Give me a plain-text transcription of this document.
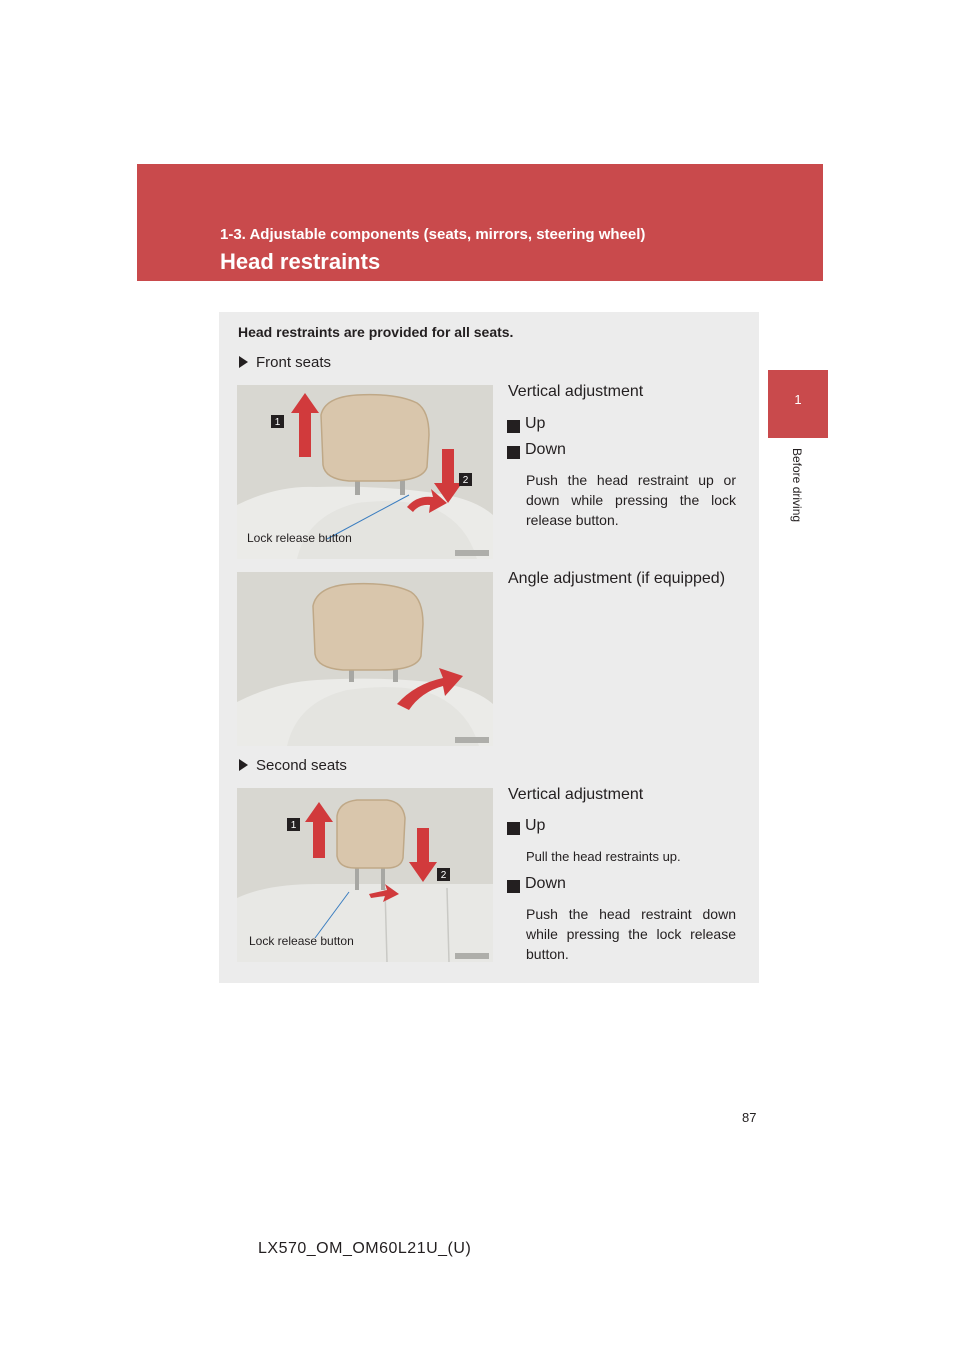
1-3. Adjustable components (seats, mirrors, steering wheel)
Head restraints
1
Before driving
Head restraints are provided for all seats.
Front seats
1
2
Lock release button
Vertical adjustment
Up
Down
Push the head restraint up or down while pressing the lock release button.
Angle adjustment (if equipped)
Second seats
1
2
Lock release button
Vertical adjustment
Up
Pull the head restraints up.
Down
Push the head restraint down while pressing the lock release button.
87
LX570_OM_OM60L21U_(U)
